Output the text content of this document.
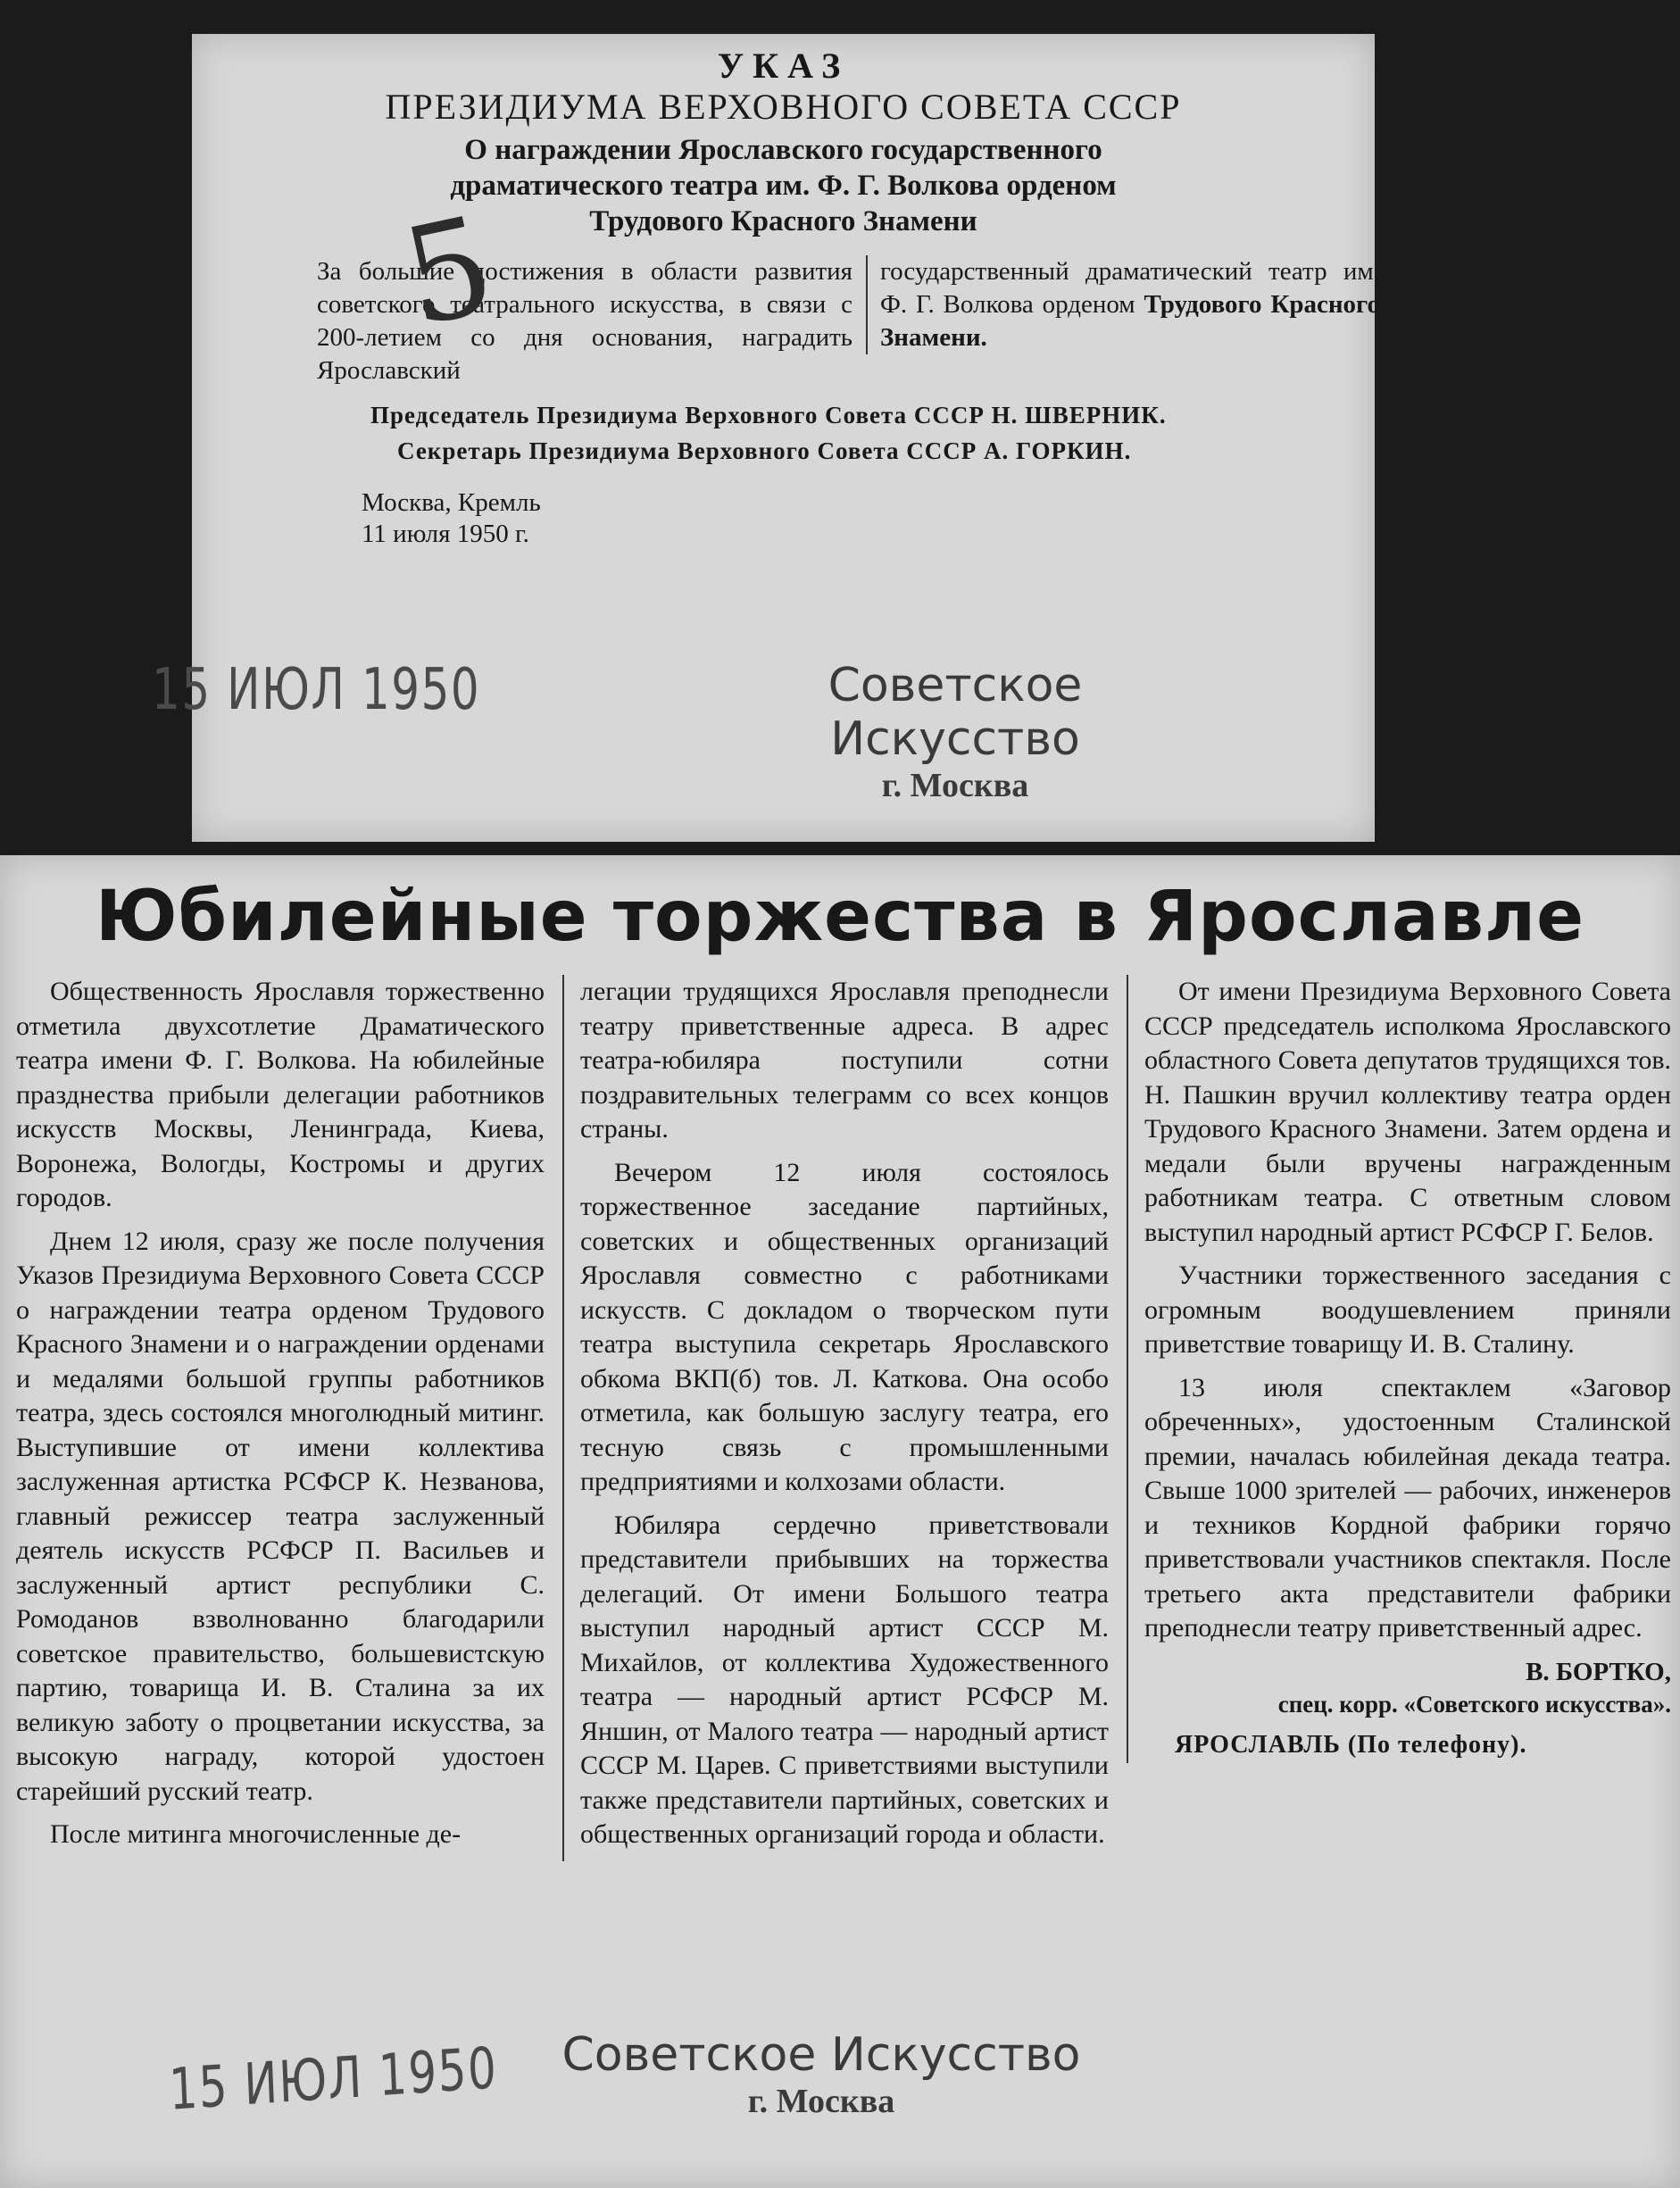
УКАЗ
ПРЕЗИДИУМА ВЕРХОВНОГО СОВЕТА СССР
О награждении Ярославского государственного
драматического театра им. Ф. Г. Волкова орденом
Трудового Красного Знамени
За большие достижения в области развития советского театрального искусства, в связи с 200-летием со дня основания, наградить Ярославский
государственный драматический театр им. Ф. Г. Волкова орденом Трудового Красного Знамени.
Председатель Президиума Верховного Совета СССР Н. ШВЕРНИК.
Секретарь Президиума Верховного Совета СССР А. ГОРКИН.
Москва, Кремль
11 июля 1950 г.
Советское Искусство
г. Москва
5
15 ИЮЛ 1950
Юбилейные торжества в Ярославле

Общественность Ярославля торжественно отметила двухсотлетие Драматического театра имени Ф. Г. Волкова. На юбилейные празднества прибыли делегации работников искусств Москвы, Ленинграда, Киева, Воронежа, Вологды, Костромы и других городов.

Днем 12 июля, сразу же после получения Указов Президиума Верховного Совета СССР о награждении театра орденом Трудового Красного Знамени и о награждении орденами и медалями большой группы работников театра, здесь состоялся многолюдный митинг. Выступившие от имени коллектива заслуженная артистка РСФСР К. Незванова, главный режиссер театра заслуженный деятель искусств РСФСР П. Васильев и заслуженный артист республики С. Ромоданов взволнованно благодарили советское правительство, большевистскую партию, товарища И. В. Сталина за их великую заботу о процветании искусства, за высокую награду, которой удостоен старейший русский театр.

После митинга многочисленные де-

легации трудящихся Ярославля преподнесли театру приветственные адреса. В адрес театра-юбиляра поступили сотни поздравительных телеграмм со всех концов страны.

Вечером 12 июля состоялось торжественное заседание партийных, советских и общественных организаций Ярославля совместно с работниками искусств. С докладом о творческом пути театра выступила секретарь Ярославского обкома ВКП(б) тов. Л. Каткова. Она особо отметила, как большую заслугу театра, его тесную связь с промышленными предприятиями и колхозами области.

Юбиляра сердечно приветствовали представители прибывших на торжества делегаций. От имени Большого театра выступил народный артист СССР М. Михайлов, от коллектива Художественного театра — народный артист РСФСР М. Яншин, от Малого театра — народный артист СССР М. Царев. С приветствиями выступили также представители партийных, советских и общественных организаций города и области.

От имени Президиума Верховного Совета СССР председатель исполкома Ярославского областного Совета депутатов трудящихся тов. Н. Пашкин вручил коллективу театра орден Трудового Красного Знамени. Затем ордена и медали были вручены награжденным работникам театра. С ответным словом выступил народный артист РСФСР Г. Белов.

Участники торжественного заседания с огромным воодушевлением приняли приветствие товарищу И. В. Сталину.

13 июля спектаклем «Заговор обреченных», удостоенным Сталинской премии, началась юбилейная декада театра. Свыше 1000 зрителей — рабочих, инженеров и техников Кордной фабрики горячо приветствовали участников спектакля. После третьего акта представители фабрики преподнесли театру приветственный адрес.

В. БОРТКО,
спец. корр. «Советского искусства».
ЯРОСЛАВЛЬ (По телефону).
Советское Искусство
г. Москва
15 ИЮЛ 1950
